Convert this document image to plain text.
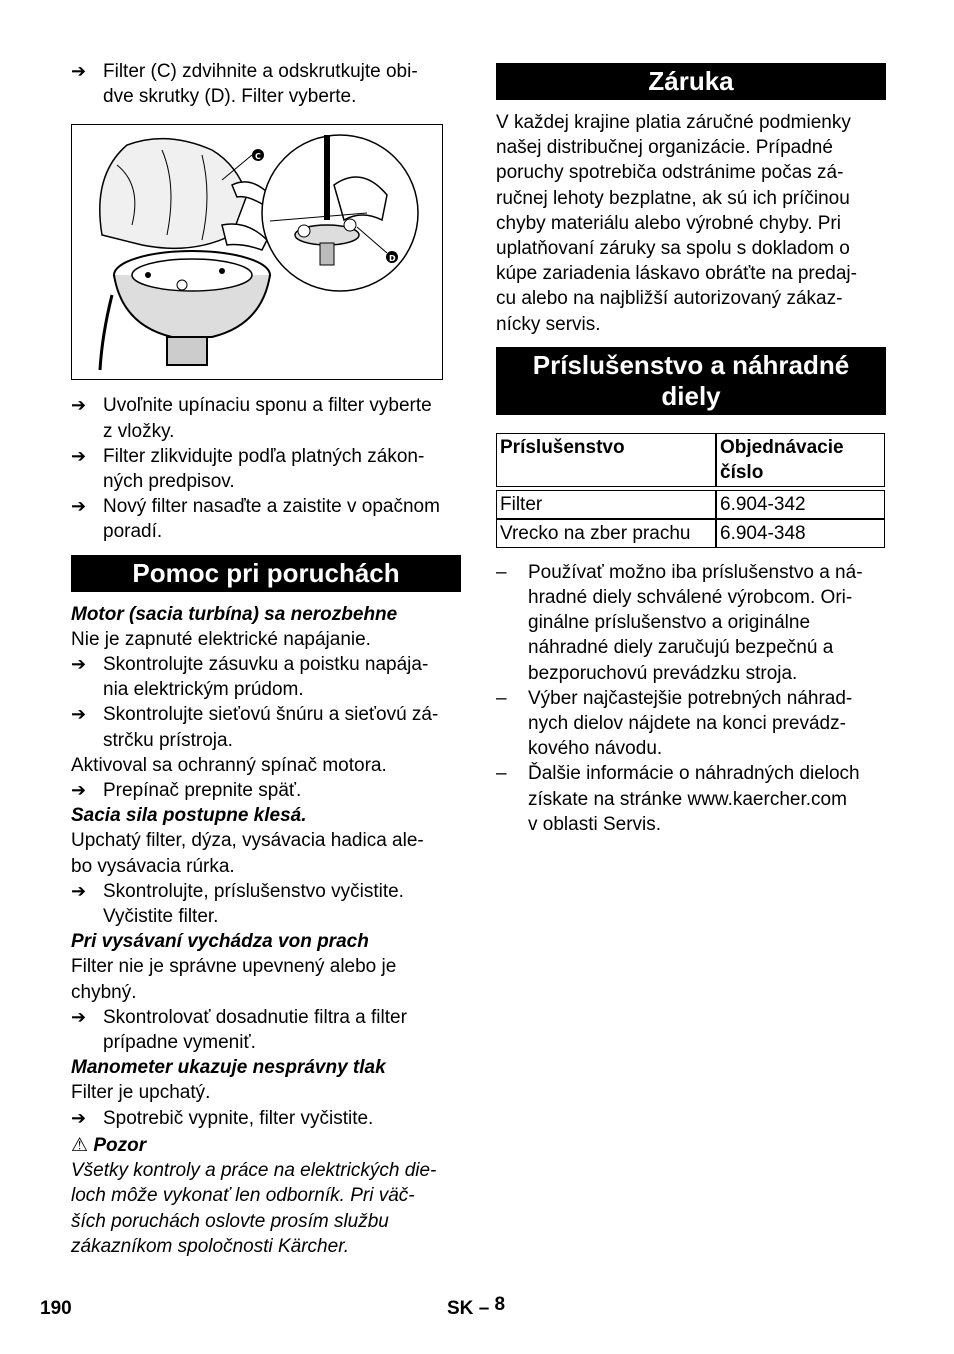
➔ Filter (C) zdvihnite a odskrutkujte obi-
dve skrutky (D). Filter vyberte.
C
D
➔ Uvoľnite upínaciu sponu a filter vyberte
z vložky.
➔ Filter zlikvidujte podľa platných zákon-
ných predpisov.
➔ Nový filter nasaďte a zaistite v opačnom
poradí.
Pomoc pri poruchách
Motor (sacia turbína) sa nerozbehne
Nie je zapnuté elektrické napájanie.
➔ Skontrolujte zásuvku a poistku napája-
nia elektrickým prúdom.
➔ Skontrolujte sieťovú šnúru a sieťovú zá-
strčku prístroja.
Aktivoval sa ochranný spínač motora.
➔ Prepínač prepnite späť.
Sacia sila postupne klesá.
Upchatý filter, dýza, vysávacia hadica ale-
bo vysávacia rúrka.
➔ Skontrolujte, príslušenstvo vyčistite.
Vyčistite filter.
Pri vysávaní vychádza von prach
Filter nie je správne upevnený alebo je
chybný.
➔ Skontrolovať dosadnutie filtra a filter
prípadne vymeniť.
Manometer ukazuje nesprávny tlak
Filter je upchatý.
➔ Spotrebič vypnite, filter vyčistite.
⚠ Pozor
Všetky kontroly a práce na elektrických die-
loch môže vykonať len odborník. Pri väč-
ších poruchách oslovte prosím službu
zákazníkom spoločnosti Kärcher.
Záruka
V každej krajine platia záručné podmienky
našej distribučnej organizácie. Prípadné
poruchy spotrebiča odstránime počas zá-
ručnej lehoty bezplatne, ak sú ich príčinou
chyby materiálu alebo výrobné chyby. Pri
uplatňovaní záruky sa spolu s dokladom o
kúpe zariadenia láskavo obráťte na predaj-
cu alebo na najbližší autorizovaný zákaz-
nícky servis.
Príslušenstvo a náhradné
diely
Príslušenstvo	Objednávacie
číslo

Filter	6.904-342
Vrecko na zber prachu	6.904-348
– Používať možno iba príslušenstvo a ná-
hradné diely schválené výrobcom. Ori-
ginálne príslušenstvo a originálne
náhradné diely zaručujú bezpečnú a
bezporuchovú prevádzku stroja.
– Výber najčastejšie potrebných náhrad-
nych dielov nájdete na konci prevádz-
kového návodu.
– Ďalšie informácie o náhradných dieloch
získate na stránke www.kaercher.com
v oblasti Servis.
190	SK – 8
